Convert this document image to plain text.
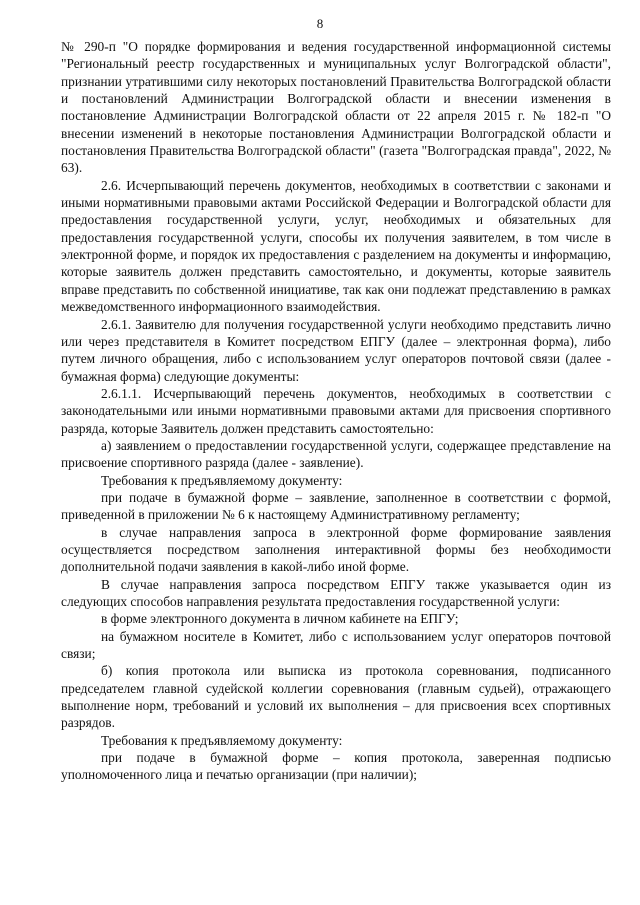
8

№ 290-п "О порядке формирования и ведения государственной информационной системы "Региональный реестр государственных и муниципальных услуг Волгоградской области", признании утратившими силу некоторых постановлений Правительства Волгоградской области и постановлений Администрации Волгоградской области и внесении изменения в постановление Администрации Волгоградской области от 22 апреля 2015 г. № 182-п "О внесении изменений в некоторые постановления Администрации Волгоградской области и постановления Правительства Волгоградской области" (газета "Волгоградская правда", 2022, № 63).

2.6. Исчерпывающий перечень документов, необходимых в соответствии с законами и иными нормативными правовыми актами Российской Федерации и Волгоградской области для предоставления государственной услуги, услуг, необходимых и обязательных для предоставления государственной услуги, способы их получения заявителем, в том числе в электронной форме, и порядок их предоставления с разделением на документы и информацию, которые заявитель должен представить самостоятельно, и документы, которые заявитель вправе представить по собственной инициативе, так как они подлежат представлению в рамках межведомственного информационного взаимодействия.

2.6.1. Заявителю для получения государственной услуги необходимо представить лично или через представителя в Комитет посредством ЕПГУ (далее – электронная форма), либо путем личного обращения, либо с использованием услуг операторов почтовой связи (далее - бумажная форма) следующие документы:

2.6.1.1. Исчерпывающий перечень документов, необходимых в соответствии с законодательными или иными нормативными правовыми актами для присвоения спортивного разряда, которые Заявитель должен представить самостоятельно:

а) заявлением о предоставлении государственной услуги, содержащее представление на присвоение спортивного разряда (далее - заявление).

Требования к предъявляемому документу:

при подаче в бумажной форме – заявление, заполненное в соответствии с формой, приведенной в приложении № 6 к настоящему Административному регламенту;

в случае направления запроса в электронной форме формирование заявления осуществляется посредством заполнения интерактивной формы без необходимости дополнительной подачи заявления в какой-либо иной форме.

В случае направления запроса посредством ЕПГУ также указывается один из следующих способов направления результата предоставления государственной услуги:

в форме электронного документа в личном кабинете на ЕПГУ;

на бумажном носителе в Комитет, либо с использованием услуг операторов почтовой связи;

б) копия протокола или выписка из протокола соревнования, подписанного председателем главной судейской коллегии соревнования (главным судьей), отражающего выполнение норм, требований и условий их выполнения – для присвоения всех спортивных разрядов.

Требования к предъявляемому документу:

при подаче в бумажной форме – копия протокола, заверенная подписью уполномоченного лица и печатью организации (при наличии);
